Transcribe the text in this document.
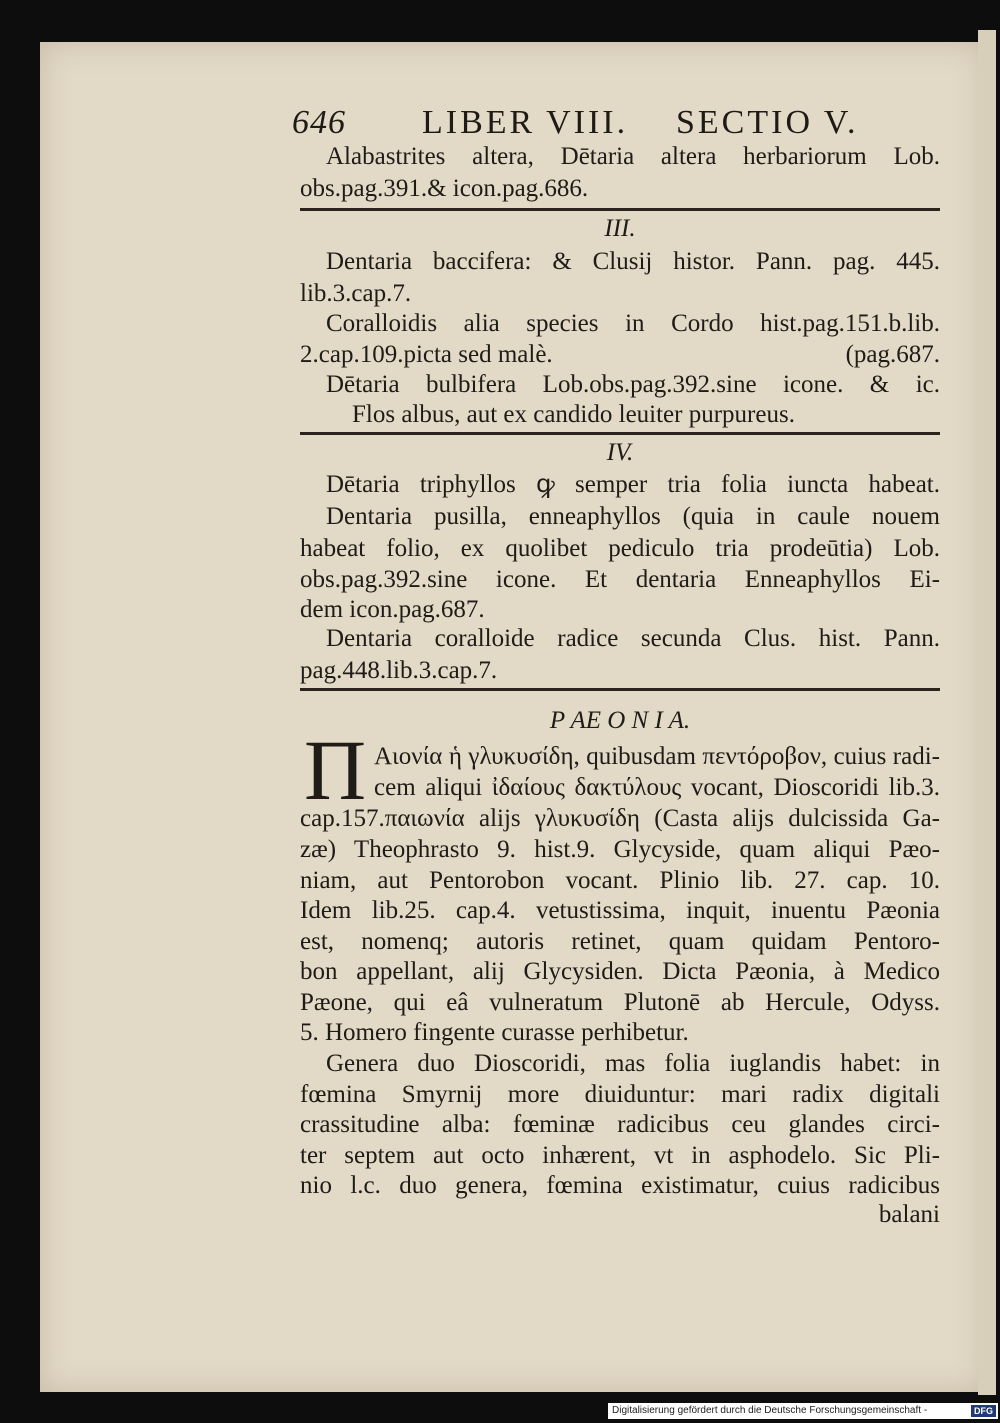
646 LIBER VIII. SECTIO V.
Alabastrites altera, Dētaria altera herbariorum Lob.
obs.pag.391.& icon.pag.686.
III.
Dentaria baccifera: & Clusij histor. Pann. pag. 445.
lib.3.cap.7.
Coralloidis alia species in Cordo hist.pag.151.b.lib.
2.cap.109.picta sed malè.	(pag.687.
Dētaria bulbifera Lob.obs.pag.392.sine icone. & ic.
Flos albus, aut ex candido leuiter purpureus.
IV.
Dētaria triphyllos ꝙ semper tria folia iuncta habeat.
Dentaria pusilla, enneaphyllos (quia in caule nouem
habeat folio, ex quolibet pediculo tria prodeūtia) Lob.
obs.pag.392.sine icone. Et dentaria Enneaphyllos Ei-
dem icon.pag.687.
Dentaria coralloide radice secunda Clus. hist. Pann.
pag.448.lib.3.cap.7.
P AE O N I A.
Αιονία ἡ γλυκυσίδη, quibusdam πεντόροβον, cuius radi-
cem aliqui ἰδαίους δακτύλους vocant, Dioscoridi lib.3.
cap.157.παιωνία alijs γλυκυσίδη (Casta alijs dulcissida Ga-
zæ) Theophrasto 9. hist.9. Glycyside, quam aliqui Pæo-
niam, aut Pentorobon vocant. Plinio lib. 27. cap. 10.
Idem lib.25. cap.4. vetustissima, inquit, inuentu Pæonia
est, nomenq; autoris retinet, quam quidam Pentoro-
bon appellant, alij Glycysiden. Dicta Pæonia, à Medico
Pæone, qui eâ vulneratum Plutonē ab Hercule, Odyss.
5. Homero fingente curasse perhibetur.
Genera duo Dioscoridi, mas folia iuglandis habet: in
fœmina Smyrnij more diuiduntur: mari radix digitali
crassitudine alba: fœminæ radicibus ceu glandes circi-
ter septem aut octo inhærent, vt in asphodelo. Sic Pli-
nio l.c. duo genera, fœmina existimatur, cuius radicibus
balani
Π
Digitalisierung gefördert durch die Deutsche Forschungsgemeinschaft -	DFG
